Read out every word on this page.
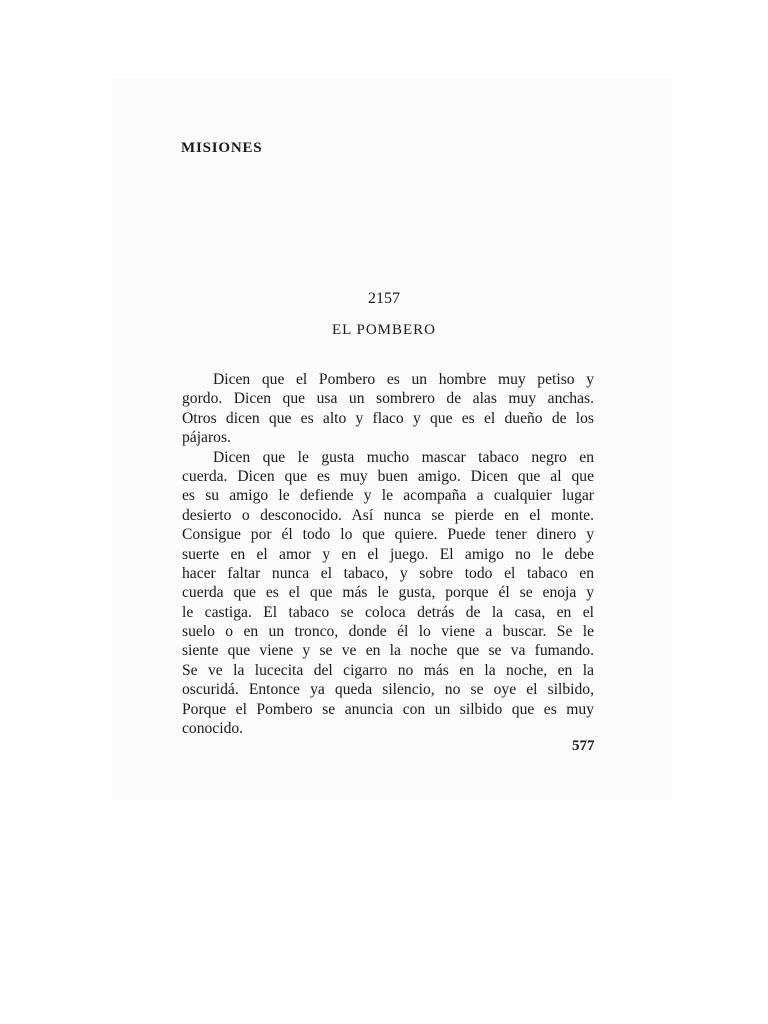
MISIONES

2157

EL POMBERO
Dicen que el Pombero es un hombre muy petiso y
gordo. Dicen que usa un sombrero de alas muy anchas.
Otros dicen que es alto y flaco y que es el dueño de los
pájaros.
Dicen que le gusta mucho mascar tabaco negro en
cuerda. Dicen que es muy buen amigo. Dicen que al que
es su amigo le defiende y le acompaña a cualquier lugar
desierto o desconocido. Así nunca se pierde en el monte.
Consigue por él todo lo que quiere. Puede tener dinero y
suerte en el amor y en el juego. El amigo no le debe
hacer faltar nunca el tabaco, y sobre todo el tabaco en
cuerda que es el que más le gusta, porque él se enoja y
le castiga. El tabaco se coloca detrás de la casa, en el
suelo o en un tronco, donde él lo viene a buscar. Se le
siente que viene y se ve en la noche que se va fumando.
Se ve la lucecita del cigarro no más en la noche, en la
oscuridá. Entonce ya queda silencio, no se oye el silbido,
Porque el Pombero se anuncia con un silbido que es muy
conocido.

577
